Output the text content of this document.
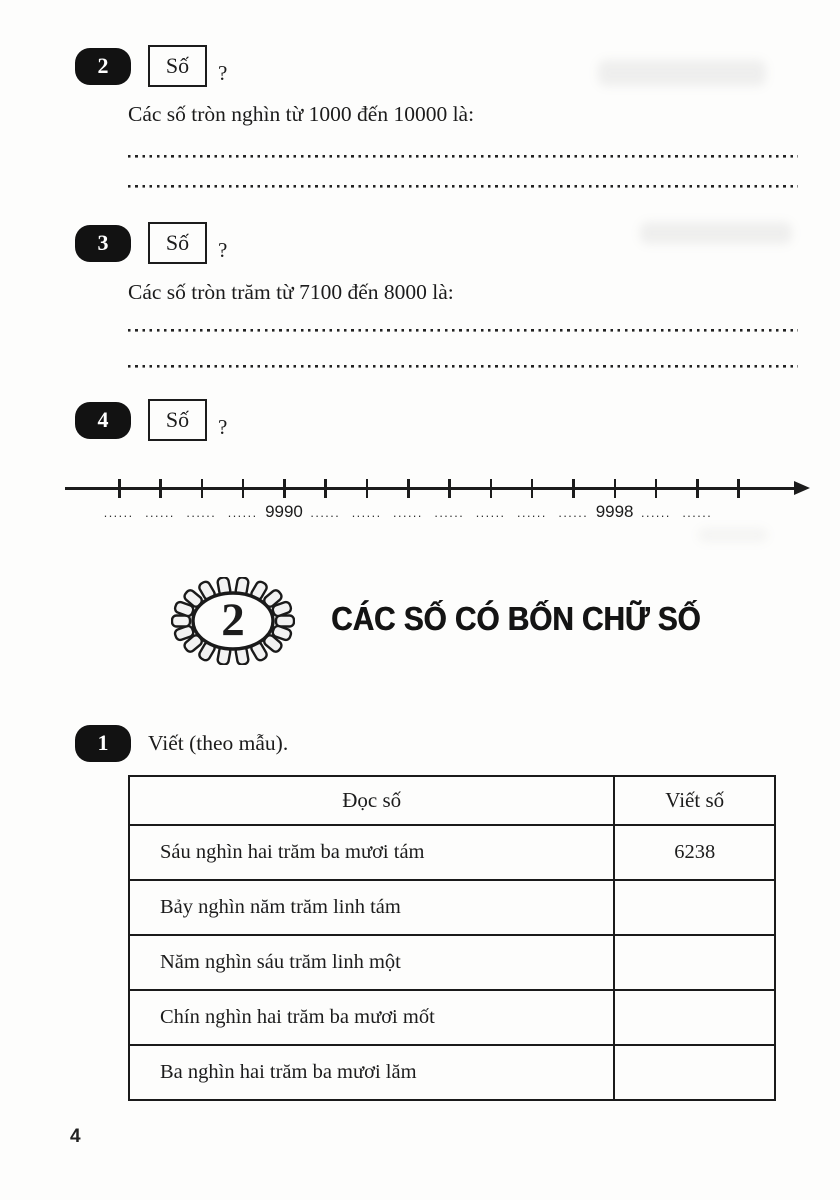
2	Số ?
Các số tròn nghìn từ 1000 đến 10000 là:
3	Số ?
Các số tròn trăm từ 7100 đến 8000 là:
4	Số ?
...... ...... ...... ...... 9990 ...... ...... ...... ...... ...... ...... ...... 9998 ...... ......
2	CÁC SỐ CÓ BỐN CHỮ SỐ
1 Viết (theo mẫu).
Đọc số	Viết số
Sáu nghìn hai trăm ba mươi tám	6238
Bảy nghìn năm trăm linh tám	
Năm nghìn sáu trăm linh một	
Chín nghìn hai trăm ba mươi mốt	
Ba nghìn hai trăm ba mươi lăm	
4
